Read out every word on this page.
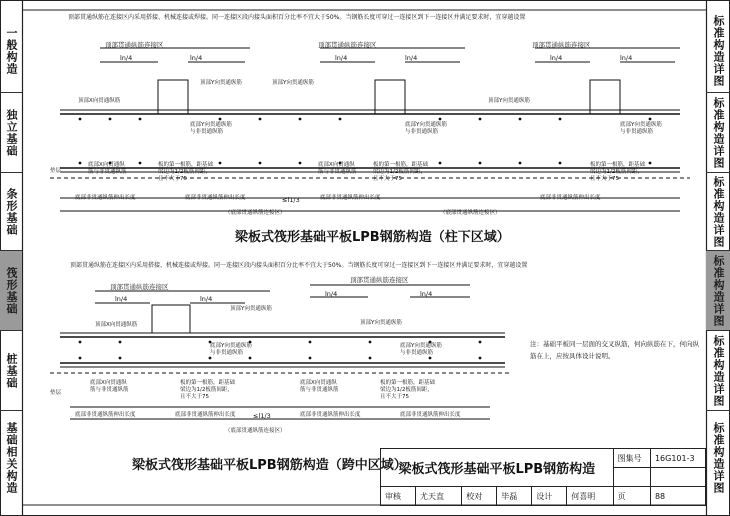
一般构造
独立基础
条形基础
筏形基础
桩基础
基础相关构造
标准构造详图
标准构造详图
标准构造详图
标准构造详图
标准构造详图
标准构造详图
顶部贯通纵筋在连接区内采用搭接、机械连接或焊接。同一连接区段内接头面积百分比率不宜大于50%。当钢筋长度可穿过一连接区到下一连接区并满足要求时，宜穿越设置
顶部贯通纵筋连接区	顶部贯通纵筋连接区	顶部贯通纵筋连接区
ln/4	ln/4	ln/4	ln/4	ln/4	ln/4
顶部Y向贯通纵筋
顶部X向贯通纵筋
顶部Y向贯通纵筋
顶部Y向贯通纵筋
底部Y向贯通纵筋
与非贯通纵筋
底部Y向贯通纵筋
与非贯通纵筋
底部Y向贯通纵筋
与非贯通纵筋
垫层
底部X向贯通纵
筋与非贯通纵筋
板的第一根筋，距基础
梁边为1/2板筋间距，
且不大于75
底部X向贯通纵
筋与非贯通纵筋
板的第一根筋，距基础
梁边为1/2板筋间距，
且不大于75
板的第一根筋，距基础
梁边为1/2板筋间距，
且不大于75
底部非贯通纵筋伸出长度	底部非贯通纵筋伸出长度	底部非贯通纵筋伸出长度	底部非贯通纵筋伸出长度
≤l1/3
（底部贯通纵筋连接区）	（底部贯通纵筋连接区）
梁板式筏形基础平板LPB钢筋构造（柱下区域）
顶部贯通纵筋在连接区内采用搭接、机械连接或焊接。同一连接区段内接头面积百分比率不宜大于50%。当钢筋长度可穿过一连接区到下一连接区并满足要求时，宜穿越设置
顶部贯通纵筋连接区
顶部贯通纵筋连接区
ln/4	ln/4
ln/4	ln/4
顶部X向贯通纵筋
顶部Y向贯通纵筋
顶部Y向贯通纵筋
底部Y向贯通纵筋
与非贯通纵筋
底部Y向贯通纵筋
与非贯通纵筋
垫层
底部X向贯通纵
筋与非贯通纵筋
板的第一根筋，距基础
梁边为1/2板筋间距，
且不大于75
底部X向贯通纵
筋与非贯通纵筋
板的第一根筋，距基础
梁边为1/2板筋间距，
且不大于75
底部非贯通纵筋伸出长度	底部非贯通纵筋伸出长度	底部非贯通纵筋伸出长度	底部非贯通纵筋伸出长度
≤l1/3
（底部贯通纵筋连接区）
梁板式筏形基础平板LPB钢筋构造（跨中区域）
注：基础平板同一层面的交叉纵筋，何向纵筋在下，何向纵筋在上，应按具体设计说明。
梁板式筏形基础平板LPB钢筋构造						图集号	16G101-3

审核	尤天直	校对	毕磊	设计	何喜明	页	88
